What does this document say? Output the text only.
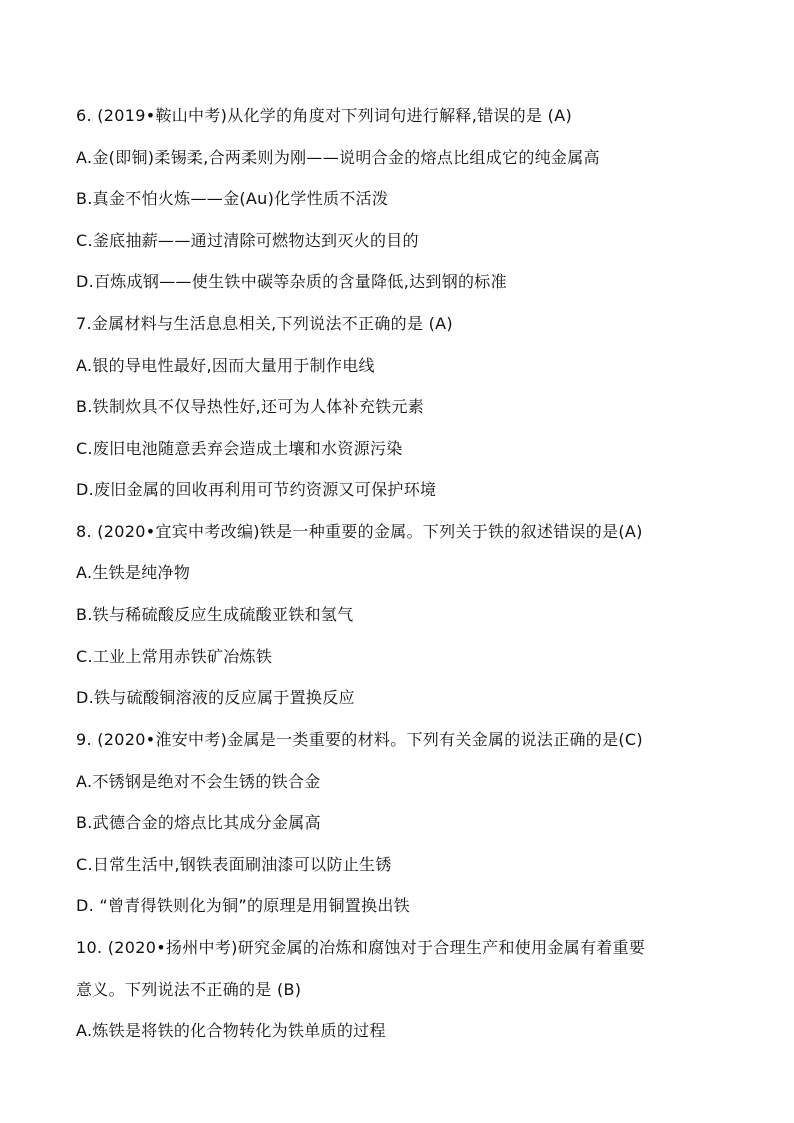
6. (2019•鞍山中考)从化学的角度对下列词句进行解释,错误的是 (A)
A.金(即铜)柔锡柔,合两柔则为刚——说明合金的熔点比组成它的纯金属高
B.真金不怕火炼——金(Au)化学性质不活泼
C.釜底抽薪——通过清除可燃物达到灭火的目的
D.百炼成钢——使生铁中碳等杂质的含量降低,达到钢的标准
7.金属材料与生活息息相关,下列说法不正确的是 (A)
A.银的导电性最好,因而大量用于制作电线
B.铁制炊具不仅导热性好,还可为人体补充铁元素
C.废旧电池随意丢弃会造成土壤和水资源污染
D.废旧金属的回收再利用可节约资源又可保护环境
8. (2020•宜宾中考改编)铁是一种重要的金属。下列关于铁的叙述错误的是(A)
A.生铁是纯净物
B.铁与稀硫酸反应生成硫酸亚铁和氢气
C.工业上常用赤铁矿冶炼铁
D.铁与硫酸铜溶液的反应属于置换反应
9. (2020•淮安中考)金属是一类重要的材料。下列有关金属的说法正确的是(C)
A.不锈钢是绝对不会生锈的铁合金
B.武德合金的熔点比其成分金属高
C.日常生活中,钢铁表面刷油漆可以防止生锈
D. “曾青得铁则化为铜”的原理是用铜置换出铁
10. (2020•扬州中考)研究金属的冶炼和腐蚀对于合理生产和使用金属有着重要
意义。下列说法不正确的是 (B)
A.炼铁是将铁的化合物转化为铁单质的过程
